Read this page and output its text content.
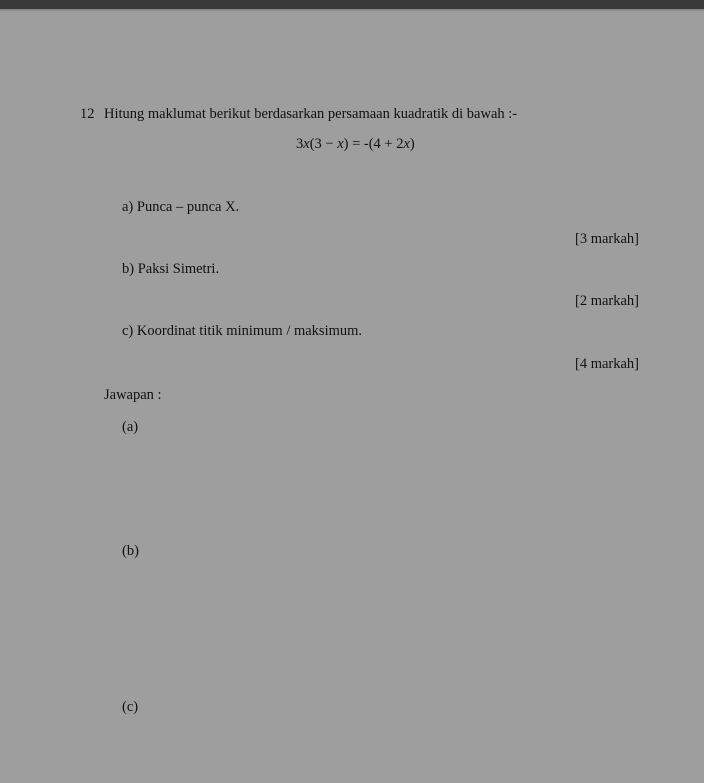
12 Hitung maklumat berikut berdasarkan persamaan kuadratik di bawah :-
3x(3 − x) = -(4 + 2x)
a) Punca – punca X.
[3 markah]
b) Paksi Simetri.
[2 markah]
c) Koordinat titik minimum / maksimum.
[4 markah]
Jawapan :
(a)
(b)
(c)
